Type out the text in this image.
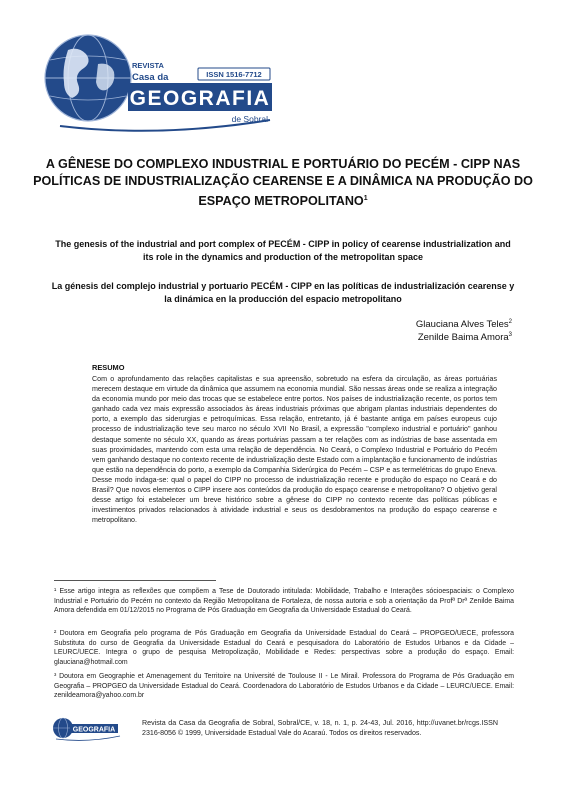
REVISTA
Casa da	ISSN 1516-7712
GEOGRAFIA
de Sobral
A GÊNESE DO COMPLEXO INDUSTRIAL E PORTUÁRIO DO PECÉM - CIPP NAS POLÍTICAS DE INDUSTRIALIZAÇÃO CEARENSE E A DINÂMICA NA PRODUÇÃO DO ESPAÇO METROPOLITANO$^1$
The genesis of the industrial and port complex of PECÉM - CIPP in policy of cearense industrialization and its role in the dynamics and production of the metropolitan space
La génesis del complejo industrial y portuario PECÉM - CIPP en las políticas de industrialización cearense y la dinámica en la producción del espacio metropolitano
Glauciana Alves Teles$^2$
Zenilde Baima Amora$^3$
RESUMO
Com o aprofundamento das relações capitalistas e sua apreensão, sobretudo na esfera da circulação, as áreas portuárias merecem destaque em virtude da dinâmica que assumem na economia mundial. São nessas áreas onde se realiza a integração da economia mundo por meio das trocas que se estabelece entre portos. Nos países de industrialização recente, os portos tem ganhado cada vez mais expressão associados às áreas industriais próximas que abrigam plantas industriais dependentes do porto, a exemplo das siderurgias e petroquímicas. Essa relação, entretanto, já é bastante antiga em países europeus cujo processo de industrialização teve seu marco no século XVII No Brasil, a expressão "complexo industrial e portuário" ganhou destaque somente no século XX, quando as áreas portuárias passam a ter relações com as indústrias de base assentada em suas proximidades, mantendo com esta uma relação de dependência. No Ceará, o Complexo Industrial e Portuário do Pecém vem ganhando destaque no contexto recente de industrialização deste Estado com a implantação e funcionamento de indústrias que estão na dependência do porto, a exemplo da Companhia Siderúrgica do Pecém – CSP e as termelétricas do grupo Eneva. Desse modo indaga-se: qual o papel do CIPP no processo de industrialização recente e produção do espaço no Ceará e do Brasil? Que novos elementos o CIPP insere aos conteúdos da produção do espaço cearense e metropolitano? O objetivo geral desse artigo foi estabelecer um breve histórico sobre a gênese do CIPP no contexto recente das políticas públicas e investimentos privados relacionados à atividade industrial e seus os desdobramentos na produção do espaço cearense e metropolitano.
¹ Esse artigo integra as reflexões que compõem a Tese de Doutorado intitulada: Mobilidade, Trabalho e Interações sócioespaciais: o Complexo Industrial e Portuário do Pecém no contexto da Região Metropolitana de Fortaleza, de nossa autoria e sob a orientação da Profª Drª Zenilde Baima Amora defendida em 01/12/2015 no Programa de Pós Graduação em Geografia da Universidade Estadual do Ceará.
² Doutora em Geografia pelo programa de Pós Graduação em Geografia da Universidade Estadual do Ceará – PROPGEO/UECE, professora Substituta do curso de Geografia da Universidade Estadual do Ceará e pesquisadora do Laboratório de Estudos Urbanos e da Cidade – LEURC/UECE. Integra o grupo de pesquisa Metropolização, Mobilidade e Redes: perspectivas sobre a produção do espaço. Email: glauciana@hotmail.com
³ Doutora em Geographie et Amenagement du Territoire na Université de Toulouse II - Le Mirail. Professora do Programa de Pós Graduação em Geografia – PROPGEO da Universidade Estadual do Ceará. Coordenadora do Laboratório de Estudos Urbanos e da Cidade – LEURC/UECE. Email: zenildeamora@yahoo.com.br
GEOGRAFIA
Revista da Casa da Geografia de Sobral, Sobral/CE, v. 18, n. 1, p. 24-43, Jul. 2016, http://uvanet.br/rcgs.ISSN 2316-8056 © 1999, Universidade Estadual Vale do Acaraú. Todos os direitos reservados.
